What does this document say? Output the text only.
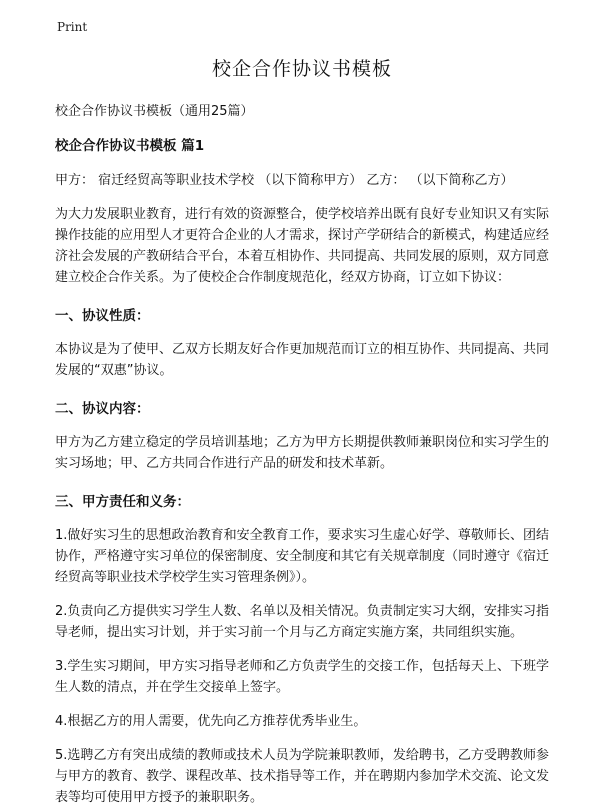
Print
校企合作协议书模板

校企合作协议书模板（通用25篇）

校企合作协议书模板 篇1

甲方： 宿迁经贸高等职业技术学校 （以下简称甲方） 乙方： （以下简称乙方）

为大力发展职业教育，进行有效的资源整合，使学校培养出既有良好专业知识又有实际操作技能的应用型人才更符合企业的人才需求，探讨产学研结合的新模式，构建适应经济社会发展的产教研结合平台，本着互相协作、共同提高、共同发展的原则，双方同意建立校企合作关系。为了使校企合作制度规范化，经双方协商，订立如下协议：

一、协议性质：

本协议是为了使甲、乙双方长期友好合作更加规范而订立的相互协作、共同提高、共同发展的“双惠”协议。

二、协议内容：

甲方为乙方建立稳定的学员培训基地；乙方为甲方长期提供教师兼职岗位和实习学生的实习场地；甲、乙方共同合作进行产品的研发和技术革新。

三、甲方责任和义务：

1.做好实习生的思想政治教育和安全教育工作，要求实习生虚心好学、尊敬师长、团结协作，严格遵守实习单位的保密制度、安全制度和其它有关规章制度（同时遵守《宿迁经贸高等职业技术学校学生实习管理条例》）。

2.负责向乙方提供实习学生人数、名单以及相关情况。负责制定实习大纲，安排实习指导老师，提出实习计划，并于实习前一个月与乙方商定实施方案，共同组织实施。

3.学生实习期间，甲方实习指导老师和乙方负责学生的交接工作，包括每天上、下班学生人数的清点，并在学生交接单上签字。

4.根据乙方的用人需要，优先向乙方推荐优秀毕业生。

5.选聘乙方有突出成绩的教师或技术人员为学院兼职教师，发给聘书，乙方受聘教师参与甲方的教育、教学、课程改革、技术指导等工作，并在聘期内参加学术交流、论文发表等均可使用甲方授予的兼职职务。
